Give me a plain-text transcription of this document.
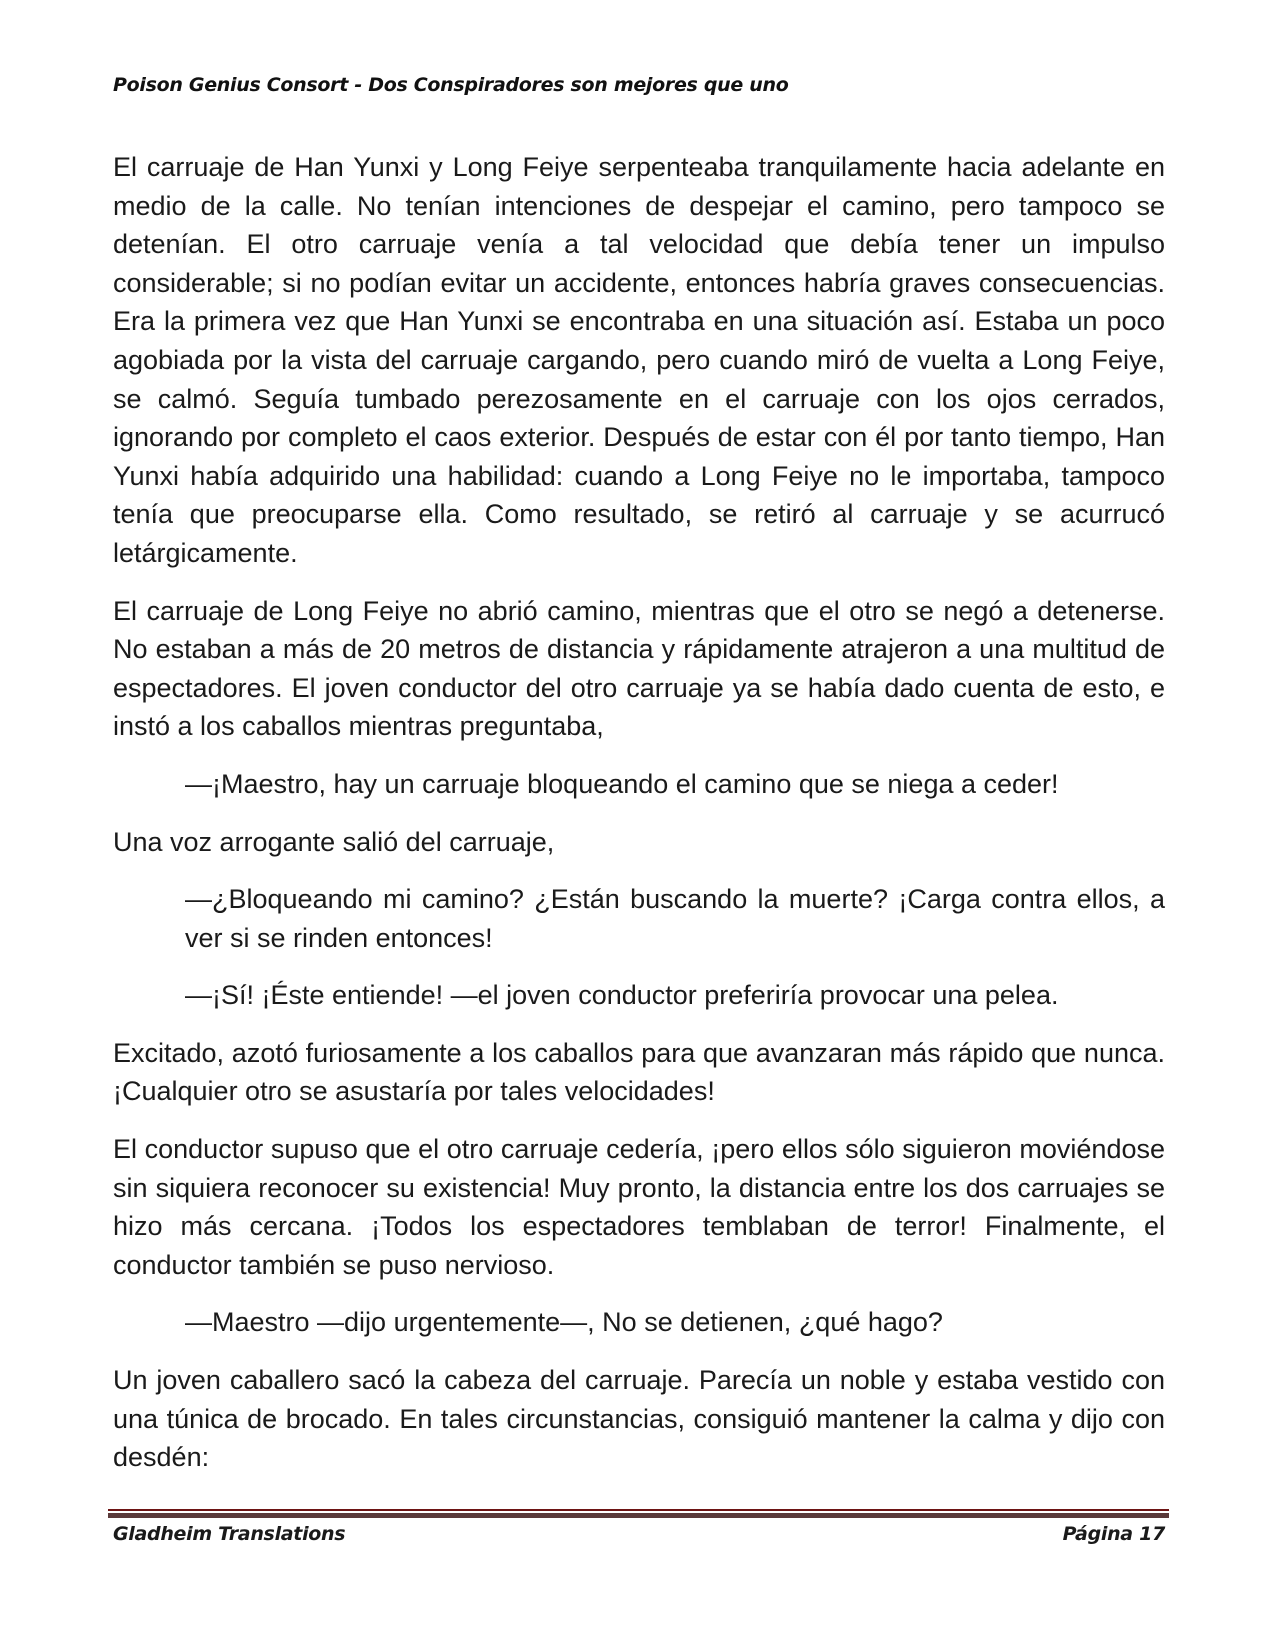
Poison Genius Consort - Dos Conspiradores son mejores que uno

El carruaje de Han Yunxi y Long Feiye serpenteaba tranquilamente hacia adelante en medio de la calle. No tenían intenciones de despejar el camino, pero tampoco se detenían. El otro carruaje venía a tal velocidad que debía tener un impulso considerable; si no podían evitar un accidente, entonces habría graves consecuencias. Era la primera vez que Han Yunxi se encontraba en una situación así. Estaba un poco agobiada por la vista del carruaje cargando, pero cuando miró de vuelta a Long Feiye, se calmó. Seguía tumbado perezosamente en el carruaje con los ojos cerrados, ignorando por completo el caos exterior. Después de estar con él por tanto tiempo, Han Yunxi había adquirido una habilidad: cuando a Long Feiye no le importaba, tampoco tenía que preocuparse ella. Como resultado, se retiró al carruaje y se acurrucó letárgicamente.

El carruaje de Long Feiye no abrió camino, mientras que el otro se negó a detenerse. No estaban a más de 20 metros de distancia y rápidamente atrajeron a una multitud de espectadores. El joven conductor del otro carruaje ya se había dado cuenta de esto, e instó a los caballos mientras preguntaba,

—¡Maestro, hay un carruaje bloqueando el camino que se niega a ceder!

Una voz arrogante salió del carruaje,

—¿Bloqueando mi camino? ¿Están buscando la muerte? ¡Carga contra ellos, a ver si se rinden entonces!

—¡Sí! ¡Éste entiende! —el joven conductor preferiría provocar una pelea.

Excitado, azotó furiosamente a los caballos para que avanzaran más rápido que nunca. ¡Cualquier otro se asustaría por tales velocidades!

El conductor supuso que el otro carruaje cedería, ¡pero ellos sólo siguieron moviéndose sin siquiera reconocer su existencia! Muy pronto, la distancia entre los dos carruajes se hizo más cercana. ¡Todos los espectadores temblaban de terror! Finalmente, el conductor también se puso nervioso.

—Maestro —dijo urgentemente—, No se detienen, ¿qué hago?

Un joven caballero sacó la cabeza del carruaje. Parecía un noble y estaba vestido con una túnica de brocado. En tales circunstancias, consiguió mantener la calma y dijo con desdén:

Gladheim Translations	Página 17
